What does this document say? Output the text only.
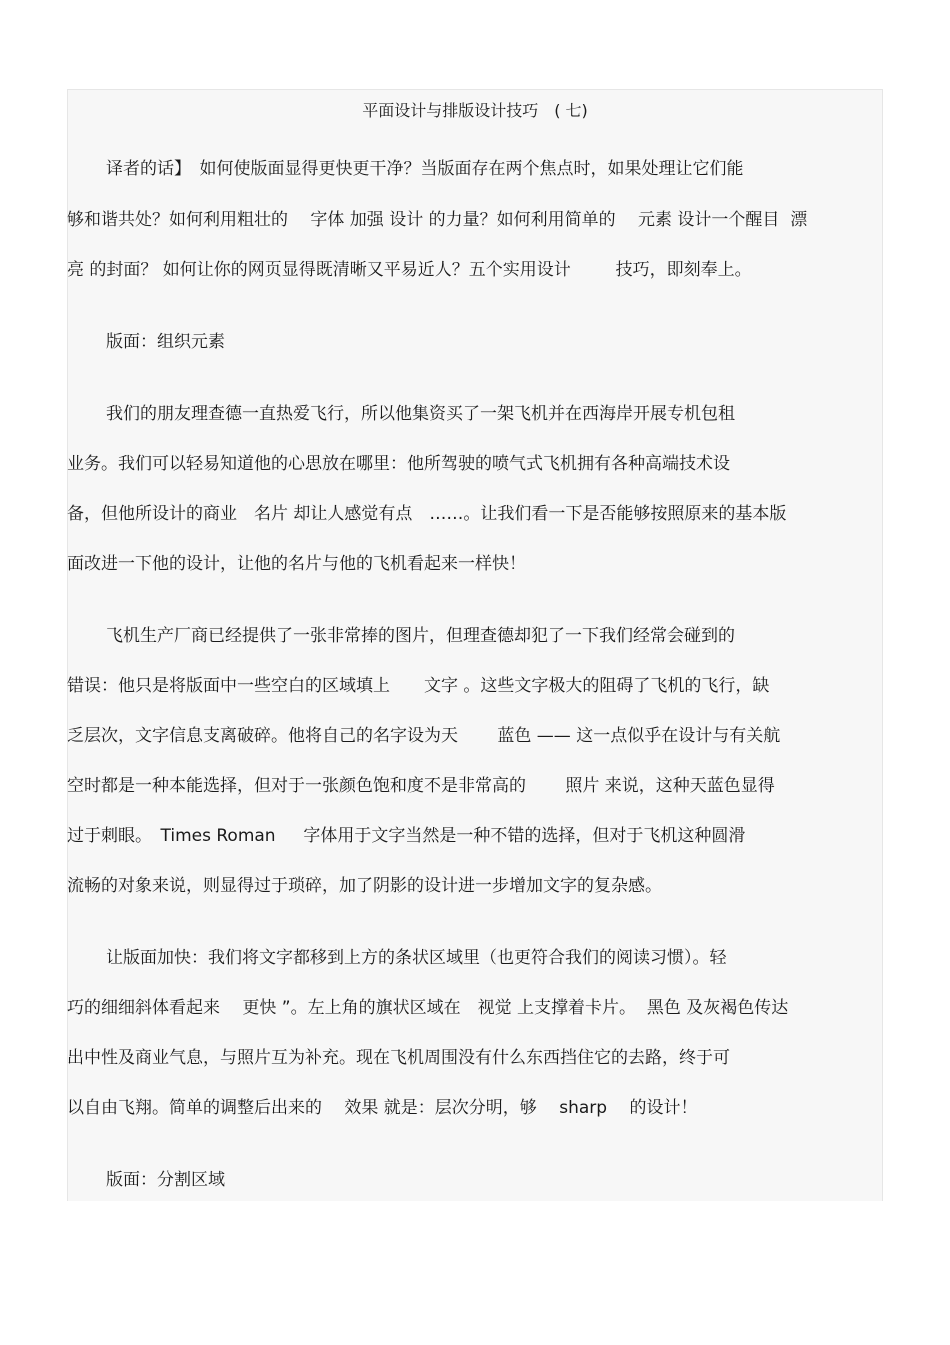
平面设计与排版设计技巧　( 七)
译者的话】　如何使版面显得更快更干净？当版面存在两个焦点时，如果处理让它们能
够和谐共处？如何利用粗壮的　 字体 加强 设计 的力量？如何利用简单的　 元素 设计一个醒目  漂
亮 的封面？ 如何让你的网页显得既清晰又平易近人？五个实用设计　　  技巧，即刻奉上。
版面：组织元素
我们的朋友理查德一直热爱飞行，所以他集资买了一架飞机并在西海岸开展专机包租
业务。我们可以轻易知道他的心思放在哪里：他所驾驶的喷气式飞机拥有各种高端技术设
备，但他所设计的商业　名片 却让人感觉有点　……。让我们看一下是否能够按照原来的基本版
面改进一下他的设计，让他的名片与他的飞机看起来一样快！
飞机生产厂商已经提供了一张非常捧的图片，但理查德却犯了一下我们经常会碰到的
错误：他只是将版面中一些空白的区域填上　　文字 。这些文字极大的阻碍了飞机的飞行，缺
乏层次，文字信息支离破碎。他将自己的名字设为天　　 蓝色 —— 这一点似乎在设计与有关航
空时都是一种本能选择，但对于一张颜色饱和度不是非常高的　　 照片 来说，这种天蓝色显得
过于刺眼。　Times Roman　  字体用于文字当然是一种不错的选择，但对于飞机这种圆滑
流畅的对象来说，则显得过于琐碎，加了阴影的设计进一步增加文字的复杂感。
让版面加快：我们将文字都移到上方的条状区域里（也更符合我们的阅读习惯）。轻
巧的细细斜体看起来　 更快 ”。左上角的旗状区域在　视觉 上支撑着卡片。  黑色 及灰褐色传达
出中性及商业气息，与照片互为补充。现在飞机周围没有什么东西挡住它的去路，终于可
以自由飞翔。简单的调整后出来的　 效果 就是：层次分明，够　 sharp　 的设计！
版面：分割区域
